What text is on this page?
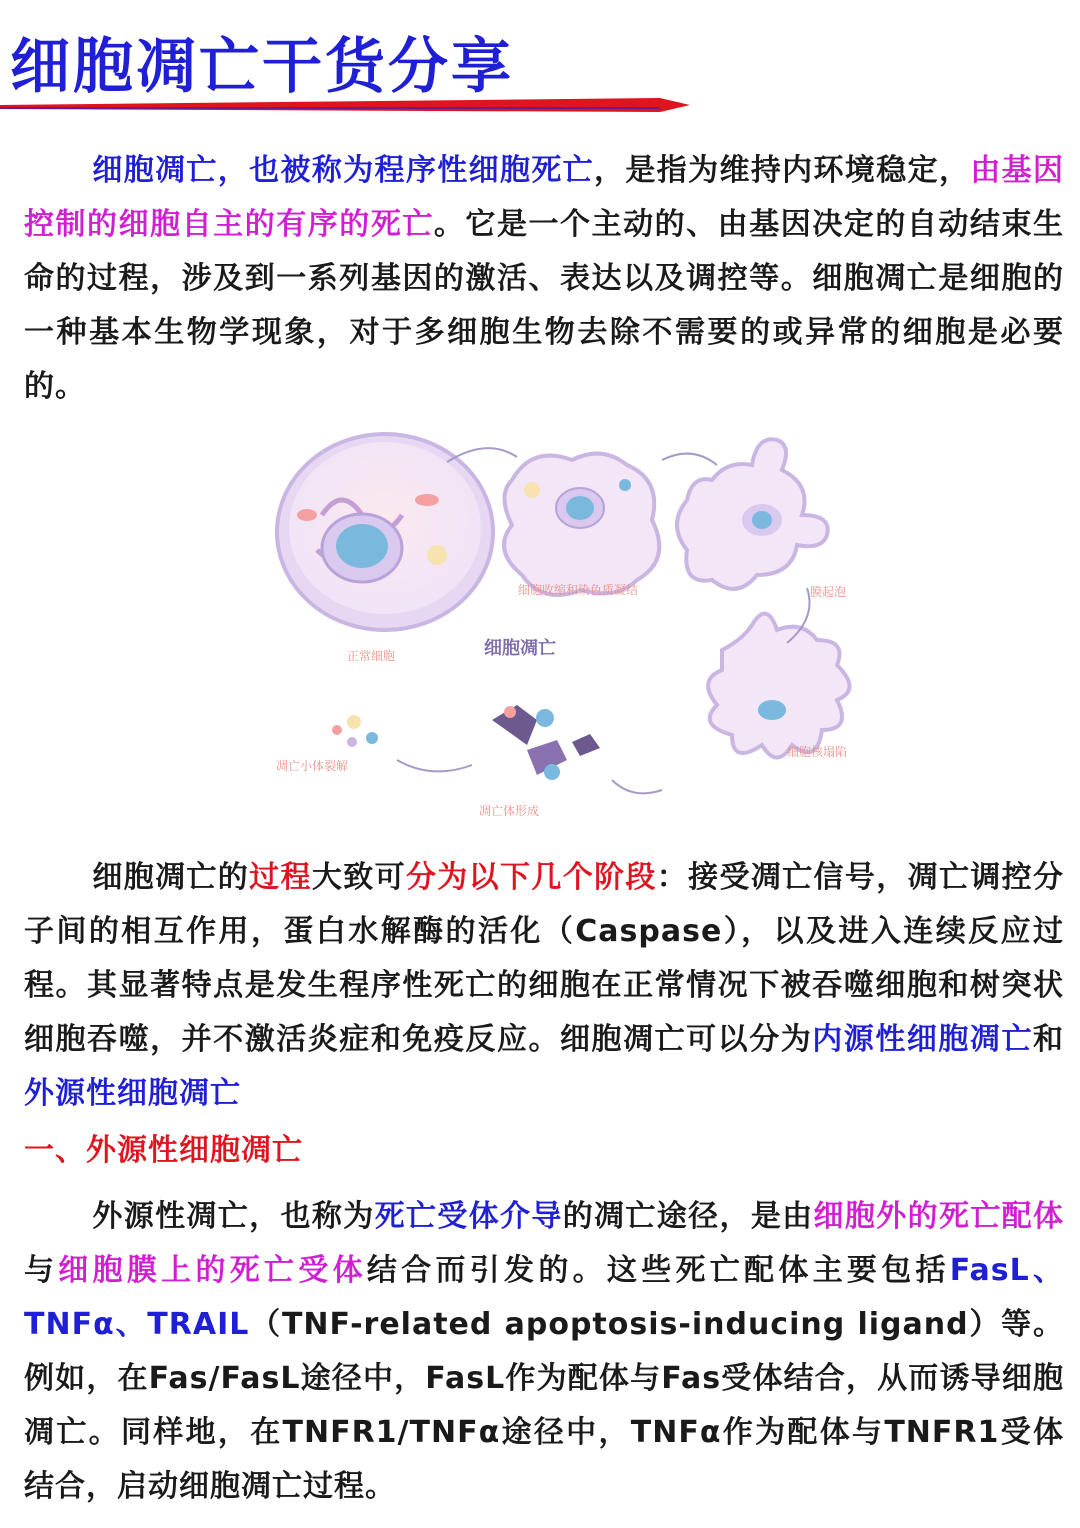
细胞凋亡干货分享
细胞凋亡，也被称为程序性细胞死亡，是指为维持内环境稳定，由基因控制的细胞自主的有序的死亡。它是一个主动的、由基因决定的自动结束生命的过程，涉及到一系列基因的激活、表达以及调控等。细胞凋亡是细胞的一种基本生物学现象，对于多细胞生物去除不需要的或异常的细胞是必要的。
正常细胞
细胞收缩和染色质凝结	膜起泡
细胞凋亡
细胞核塌陷
凋亡体形成
凋亡小体裂解
细胞凋亡的过程大致可分为以下几个阶段：接受凋亡信号，凋亡调控分子间的相互作用，蛋白水解酶的活化（Caspase），以及进入连续反应过程。其显著特点是发生程序性死亡的细胞在正常情况下被吞噬细胞和树突状细胞吞噬，并不激活炎症和免疫反应。细胞凋亡可以分为内源性细胞凋亡和外源性细胞凋亡
一、外源性细胞凋亡
外源性凋亡，也称为死亡受体介导的凋亡途径，是由细胞外的死亡配体与细胞膜上的死亡受体结合而引发的。这些死亡配体主要包括FasL、TNFα、TRAIL（TNF-related apoptosis-inducing ligand）等。例如，在Fas/FasL途径中，FasL作为配体与Fas受体结合，从而诱导细胞凋亡。同样地，在TNFR1/TNFα途径中，TNFα作为配体与TNFR1受体结合，启动细胞凋亡过程。
